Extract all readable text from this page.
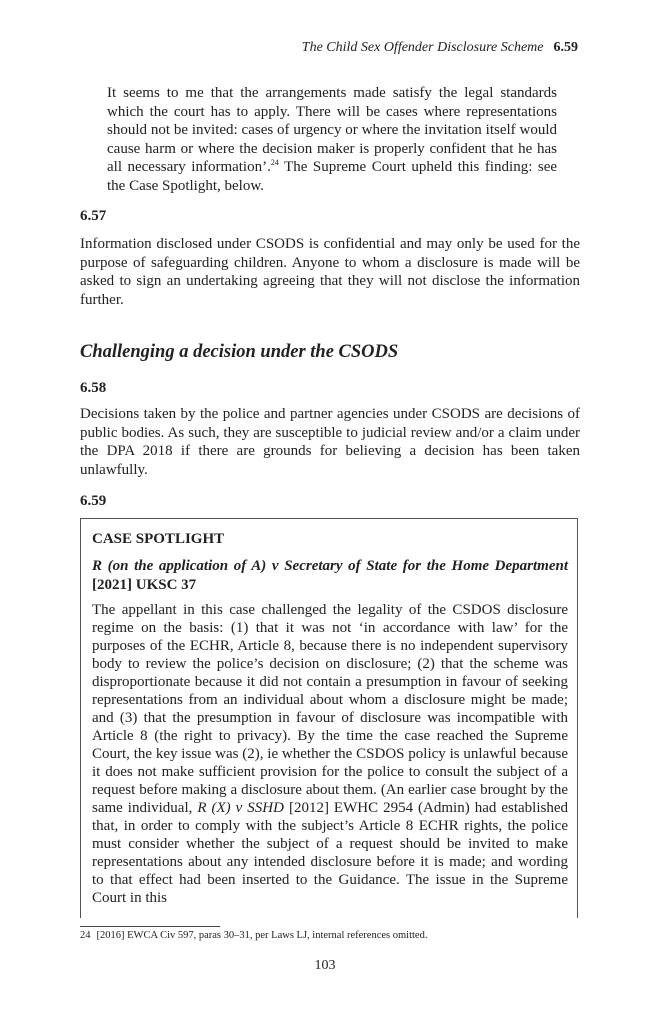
The Child Sex Offender Disclosure Scheme 6.59

It seems to me that the arrangements made satisfy the legal standards which the court has to apply. There will be cases where representations should not be invited: cases of urgency or where the invitation itself would cause harm or where the decision maker is properly confident that he has all necessary information’.$^{24}$ The Supreme Court upheld this finding: see the Case Spotlight, below.

6.57

Information disclosed under CSODS is confidential and may only be used for the purpose of safeguarding children. Anyone to whom a disclosure is made will be asked to sign an undertaking agreeing that they will not disclose the information further.

Challenging a decision under the CSODS
6.58

Decisions taken by the police and partner agencies under CSODS are decisions of public bodies. As such, they are susceptible to judicial review and/or a claim under the DPA 2018 if there are grounds for believing a decision has been taken unlawfully.

6.59
CASE SPOTLIGHT

R (on the application of A) v Secretary of State for the Home Department [2021] UKSC 37

The appellant in this case challenged the legality of the CSDOS disclosure regime on the basis: (1) that it was not ‘in accordance with law’ for the purposes of the ECHR, Article 8, because there is no independent supervisory body to review the police’s decision on disclosure; (2) that the scheme was disproportionate because it did not contain a presumption in favour of seeking representations from an individual about whom a disclosure might be made; and (3) that the presumption in favour of disclosure was incompatible with Article 8 (the right to privacy). By the time the case reached the Supreme Court, the key issue was (2), ie whether the CSDOS policy is unlawful because it does not make sufficient provision for the police to consult the subject of a request before making a disclosure about them. (An earlier case brought by the same individual, R (X) v SSHD [2012] EWHC 2954 (Admin) had established that, in order to comply with the subject’s Article 8 ECHR rights, the police must consider whether the subject of a request should be invited to make representations about any intended disclosure before it is made; and wording to that effect had been inserted to the Guidance. The issue in the Supreme Court in this

24 [2016] EWCA Civ 597, paras 30–31, per Laws LJ, internal references omitted.
103
